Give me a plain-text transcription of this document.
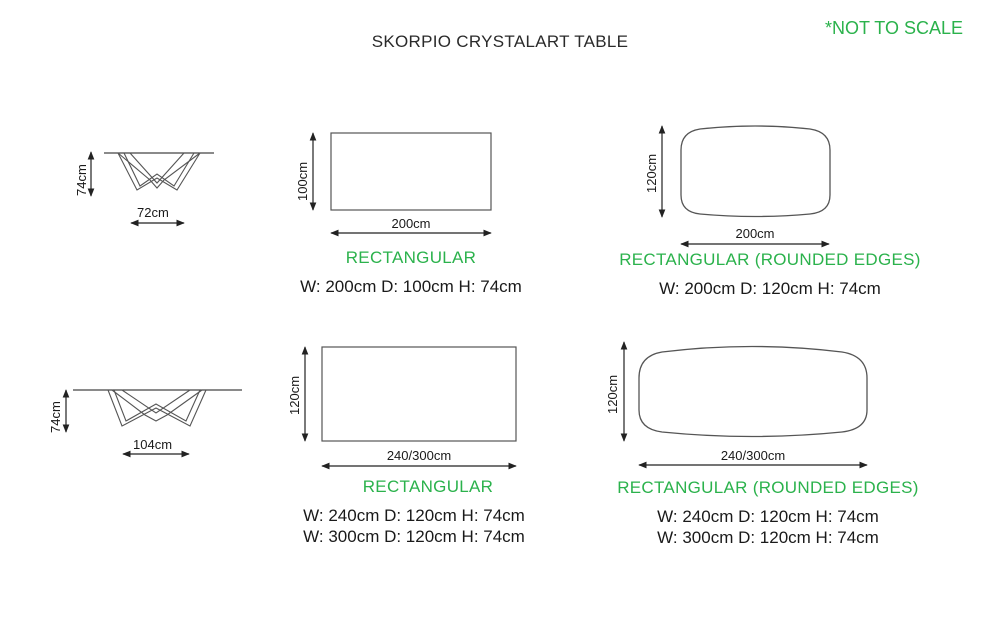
SKORPIO CRYSTALART TABLE
*NOT TO SCALE
74cm
72cm
74cm
104cm
100cm
200cm
RECTANGULAR
W: 200cm D: 100cm H: 74cm
120cm
200cm
RECTANGULAR (ROUNDED EDGES)
W: 200cm D: 120cm H: 74cm
120cm
240/300cm
RECTANGULAR
W: 240cm D: 120cm H: 74cm
W: 300cm D: 120cm H: 74cm
120cm
240/300cm
RECTANGULAR (ROUNDED EDGES)
W: 240cm D: 120cm H: 74cm
W: 300cm D: 120cm H: 74cm
